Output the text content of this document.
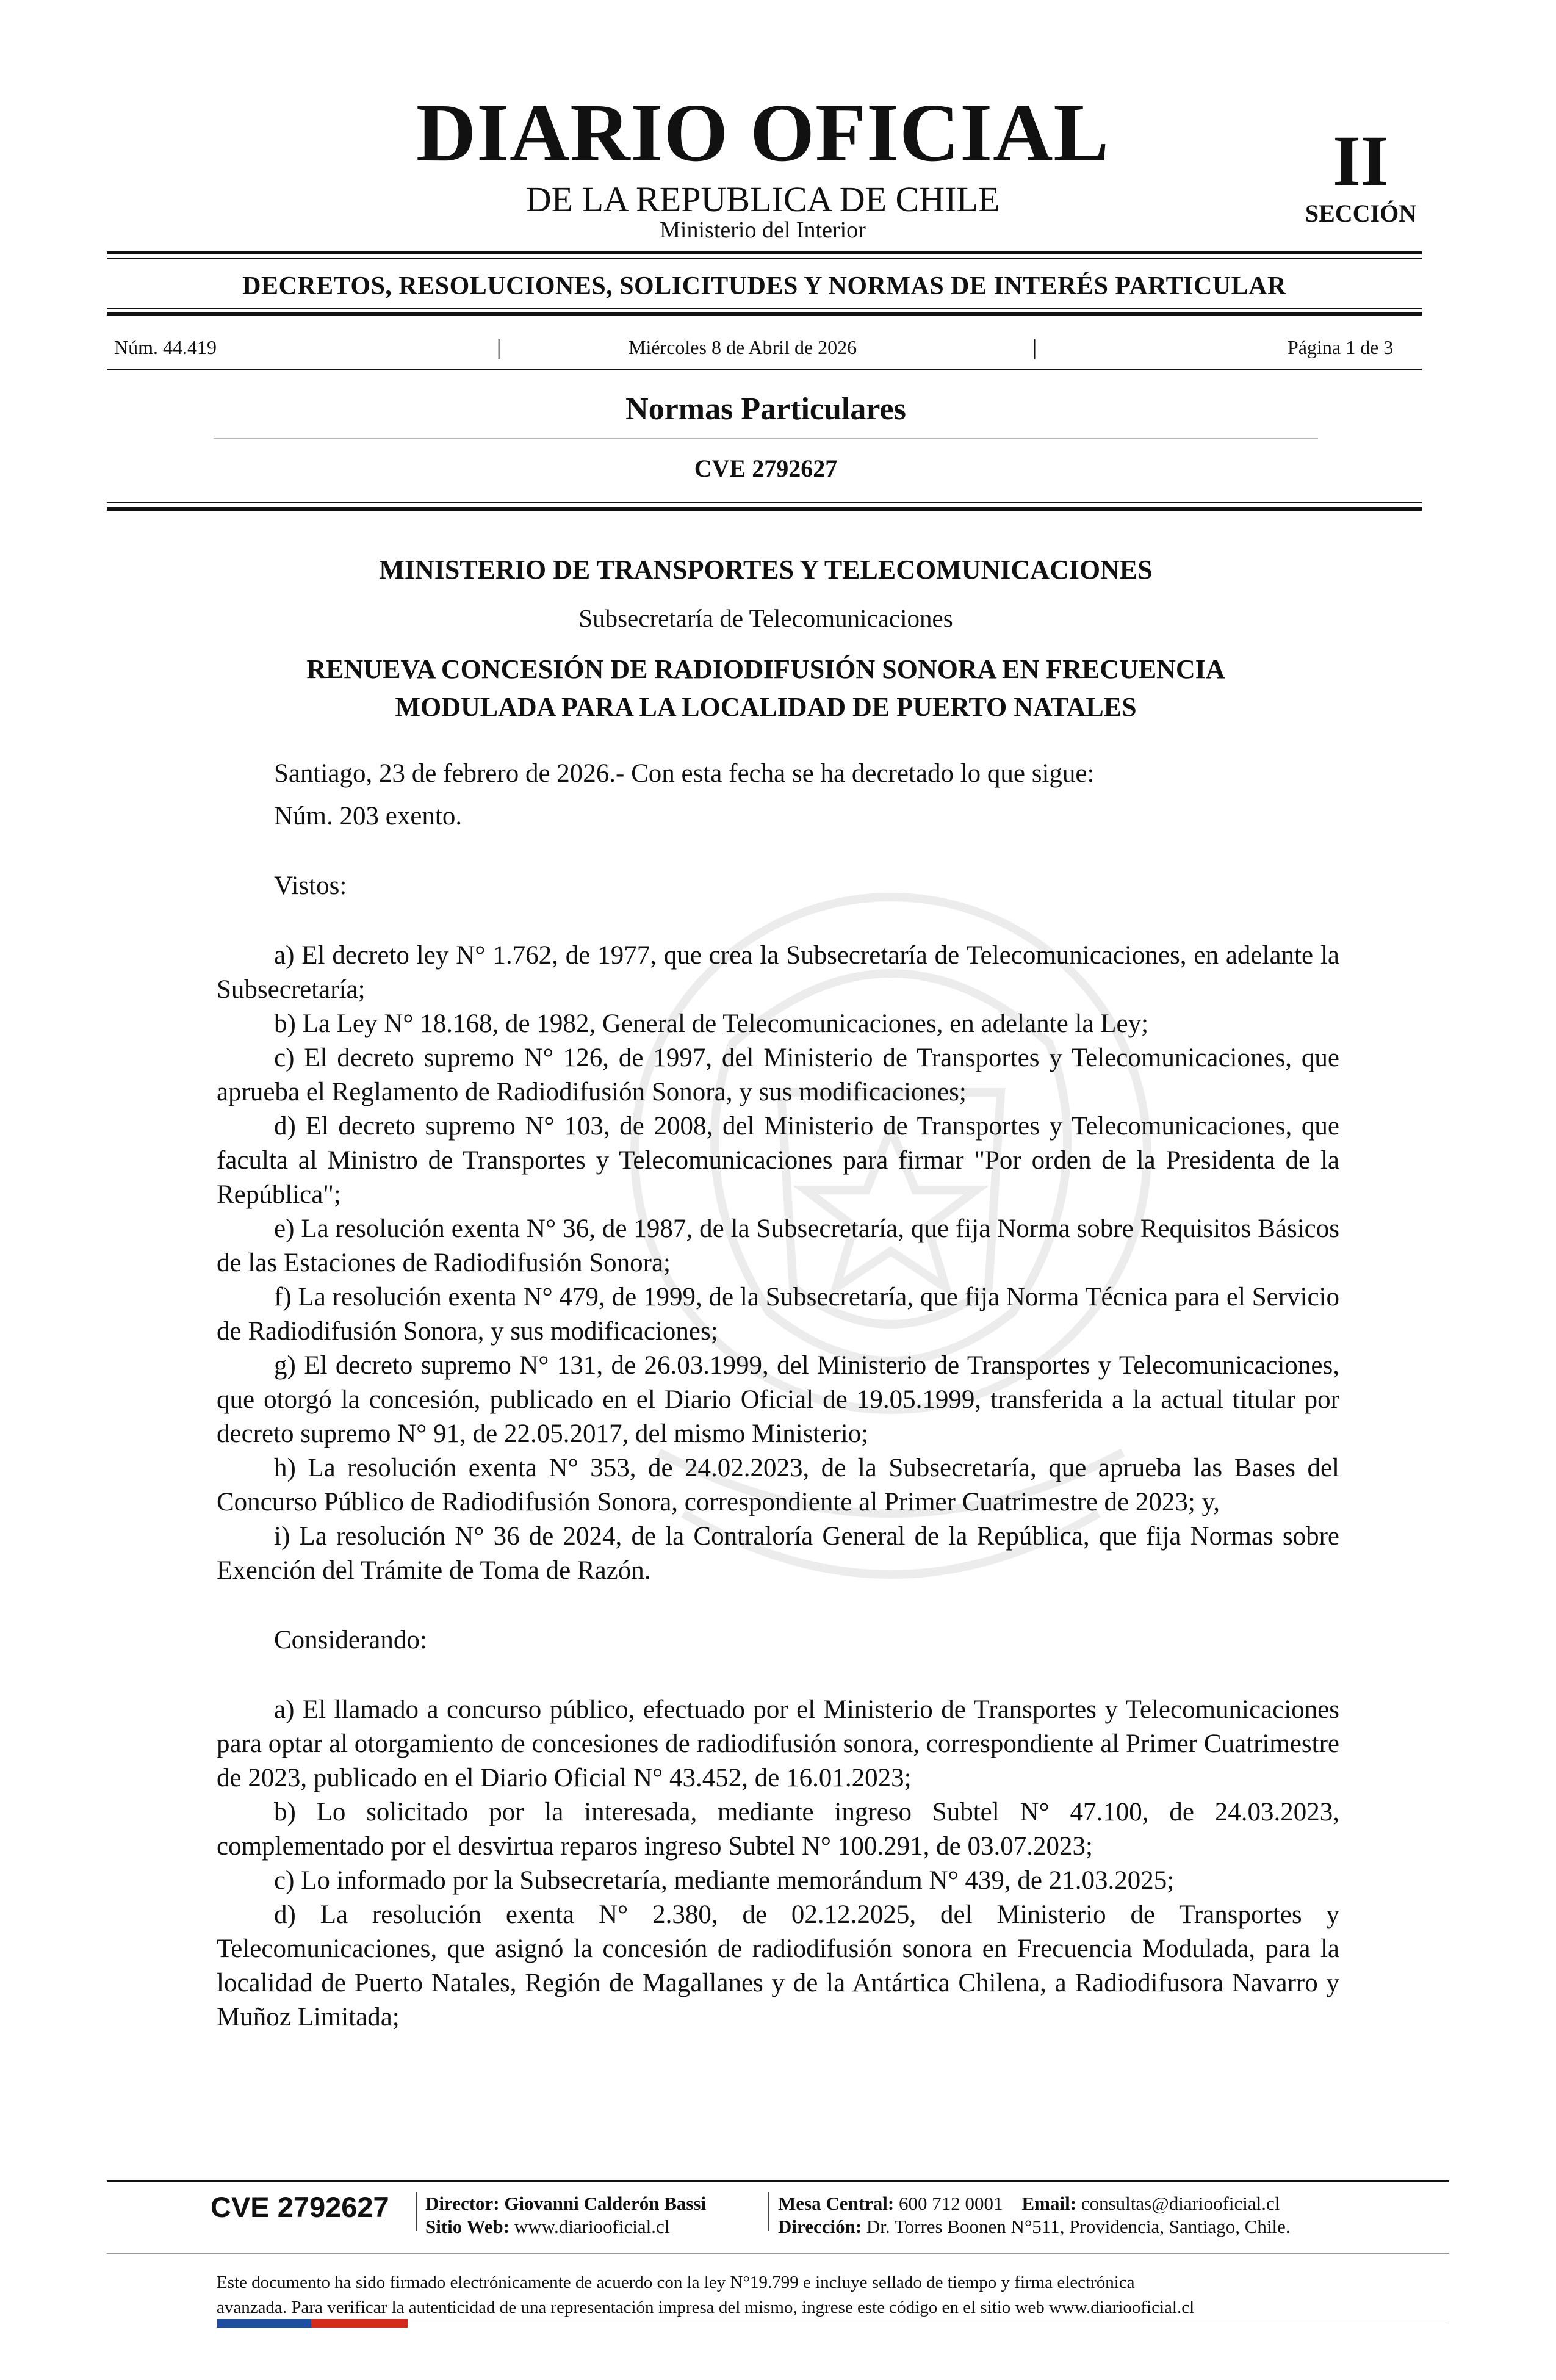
DIARIO OFICIAL
DE LA REPUBLICA DE CHILE
Ministerio del Interior
II
SECCIÓN
DECRETOS, RESOLUCIONES, SOLICITUDES Y NORMAS DE INTERÉS PARTICULAR
Núm. 44.419	|	Miércoles 8 de Abril de 2026	|	Página 1 de 3
Normas Particulares
CVE 2792627
MINISTERIO DE TRANSPORTES Y TELECOMUNICACIONES
Subsecretaría de Telecomunicaciones
RENUEVA CONCESIÓN DE RADIODIFUSIÓN SONORA EN FRECUENCIA
MODULADA PARA LA LOCALIDAD DE PUERTO NATALES

Santiago, 23 de febrero de 2026.- Con esta fecha se ha decretado lo que sigue:

Núm. 203 exento.

Vistos:

a) El decreto ley N° 1.762, de 1977, que crea la Subsecretaría de Telecomunicaciones, en adelante la Subsecretaría;

b) La Ley N° 18.168, de 1982, General de Telecomunicaciones, en adelante la Ley;

c) El decreto supremo N° 126, de 1997, del Ministerio de Transportes y Telecomunicaciones, que aprueba el Reglamento de Radiodifusión Sonora, y sus modificaciones;

d) El decreto supremo N° 103, de 2008, del Ministerio de Transportes y Telecomunicaciones, que faculta al Ministro de Transportes y Telecomunicaciones para firmar "Por orden de la Presidenta de la República";

e) La resolución exenta N° 36, de 1987, de la Subsecretaría, que fija Norma sobre Requisitos Básicos de las Estaciones de Radiodifusión Sonora;

f) La resolución exenta N° 479, de 1999, de la Subsecretaría, que fija Norma Técnica para el Servicio de Radiodifusión Sonora, y sus modificaciones;

g) El decreto supremo N° 131, de 26.03.1999, del Ministerio de Transportes y Telecomunicaciones, que otorgó la concesión, publicado en el Diario Oficial de 19.05.1999, transferida a la actual titular por decreto supremo N° 91, de 22.05.2017, del mismo Ministerio;

h) La resolución exenta N° 353, de 24.02.2023, de la Subsecretaría, que aprueba las Bases del Concurso Público de Radiodifusión Sonora, correspondiente al Primer Cuatrimestre de 2023; y,

i) La resolución N° 36 de 2024, de la Contraloría General de la República, que fija Normas sobre Exención del Trámite de Toma de Razón.

Considerando:

a) El llamado a concurso público, efectuado por el Ministerio de Transportes y Telecomunicaciones para optar al otorgamiento de concesiones de radiodifusión sonora, correspondiente al Primer Cuatrimestre de 2023, publicado en el Diario Oficial N° 43.452, de 16.01.2023;

b) Lo solicitado por la interesada, mediante ingreso Subtel N° 47.100, de 24.03.2023, complementado por el desvirtua reparos ingreso Subtel N° 100.291, de 03.07.2023;

c) Lo informado por la Subsecretaría, mediante memorándum N° 439, de 21.03.2025;

d) La resolución exenta N° 2.380, de 02.12.2025, del Ministerio de Transportes y Telecomunicaciones, que asignó la concesión de radiodifusión sonora en Frecuencia Modulada, para la localidad de Puerto Natales, Región de Magallanes y de la Antártica Chilena, a Radiodifusora Navarro y Muñoz Limitada;

CVE 2792627 Director: Giovanni Calderón Bassi
Sitio Web: www.diariooficial.cl
Mesa Central: 600 712 0001 Email: consultas@diariooficial.cl
Dirección: Dr. Torres Boonen N°511, Providencia, Santiago, Chile.

Este documento ha sido firmado electrónicamente de acuerdo con la ley N°19.799 e incluye sellado de tiempo y firma electrónica

avanzada. Para verificar la autenticidad de una representación impresa del mismo, ingrese este código en el sitio web www.diariooficial.cl
